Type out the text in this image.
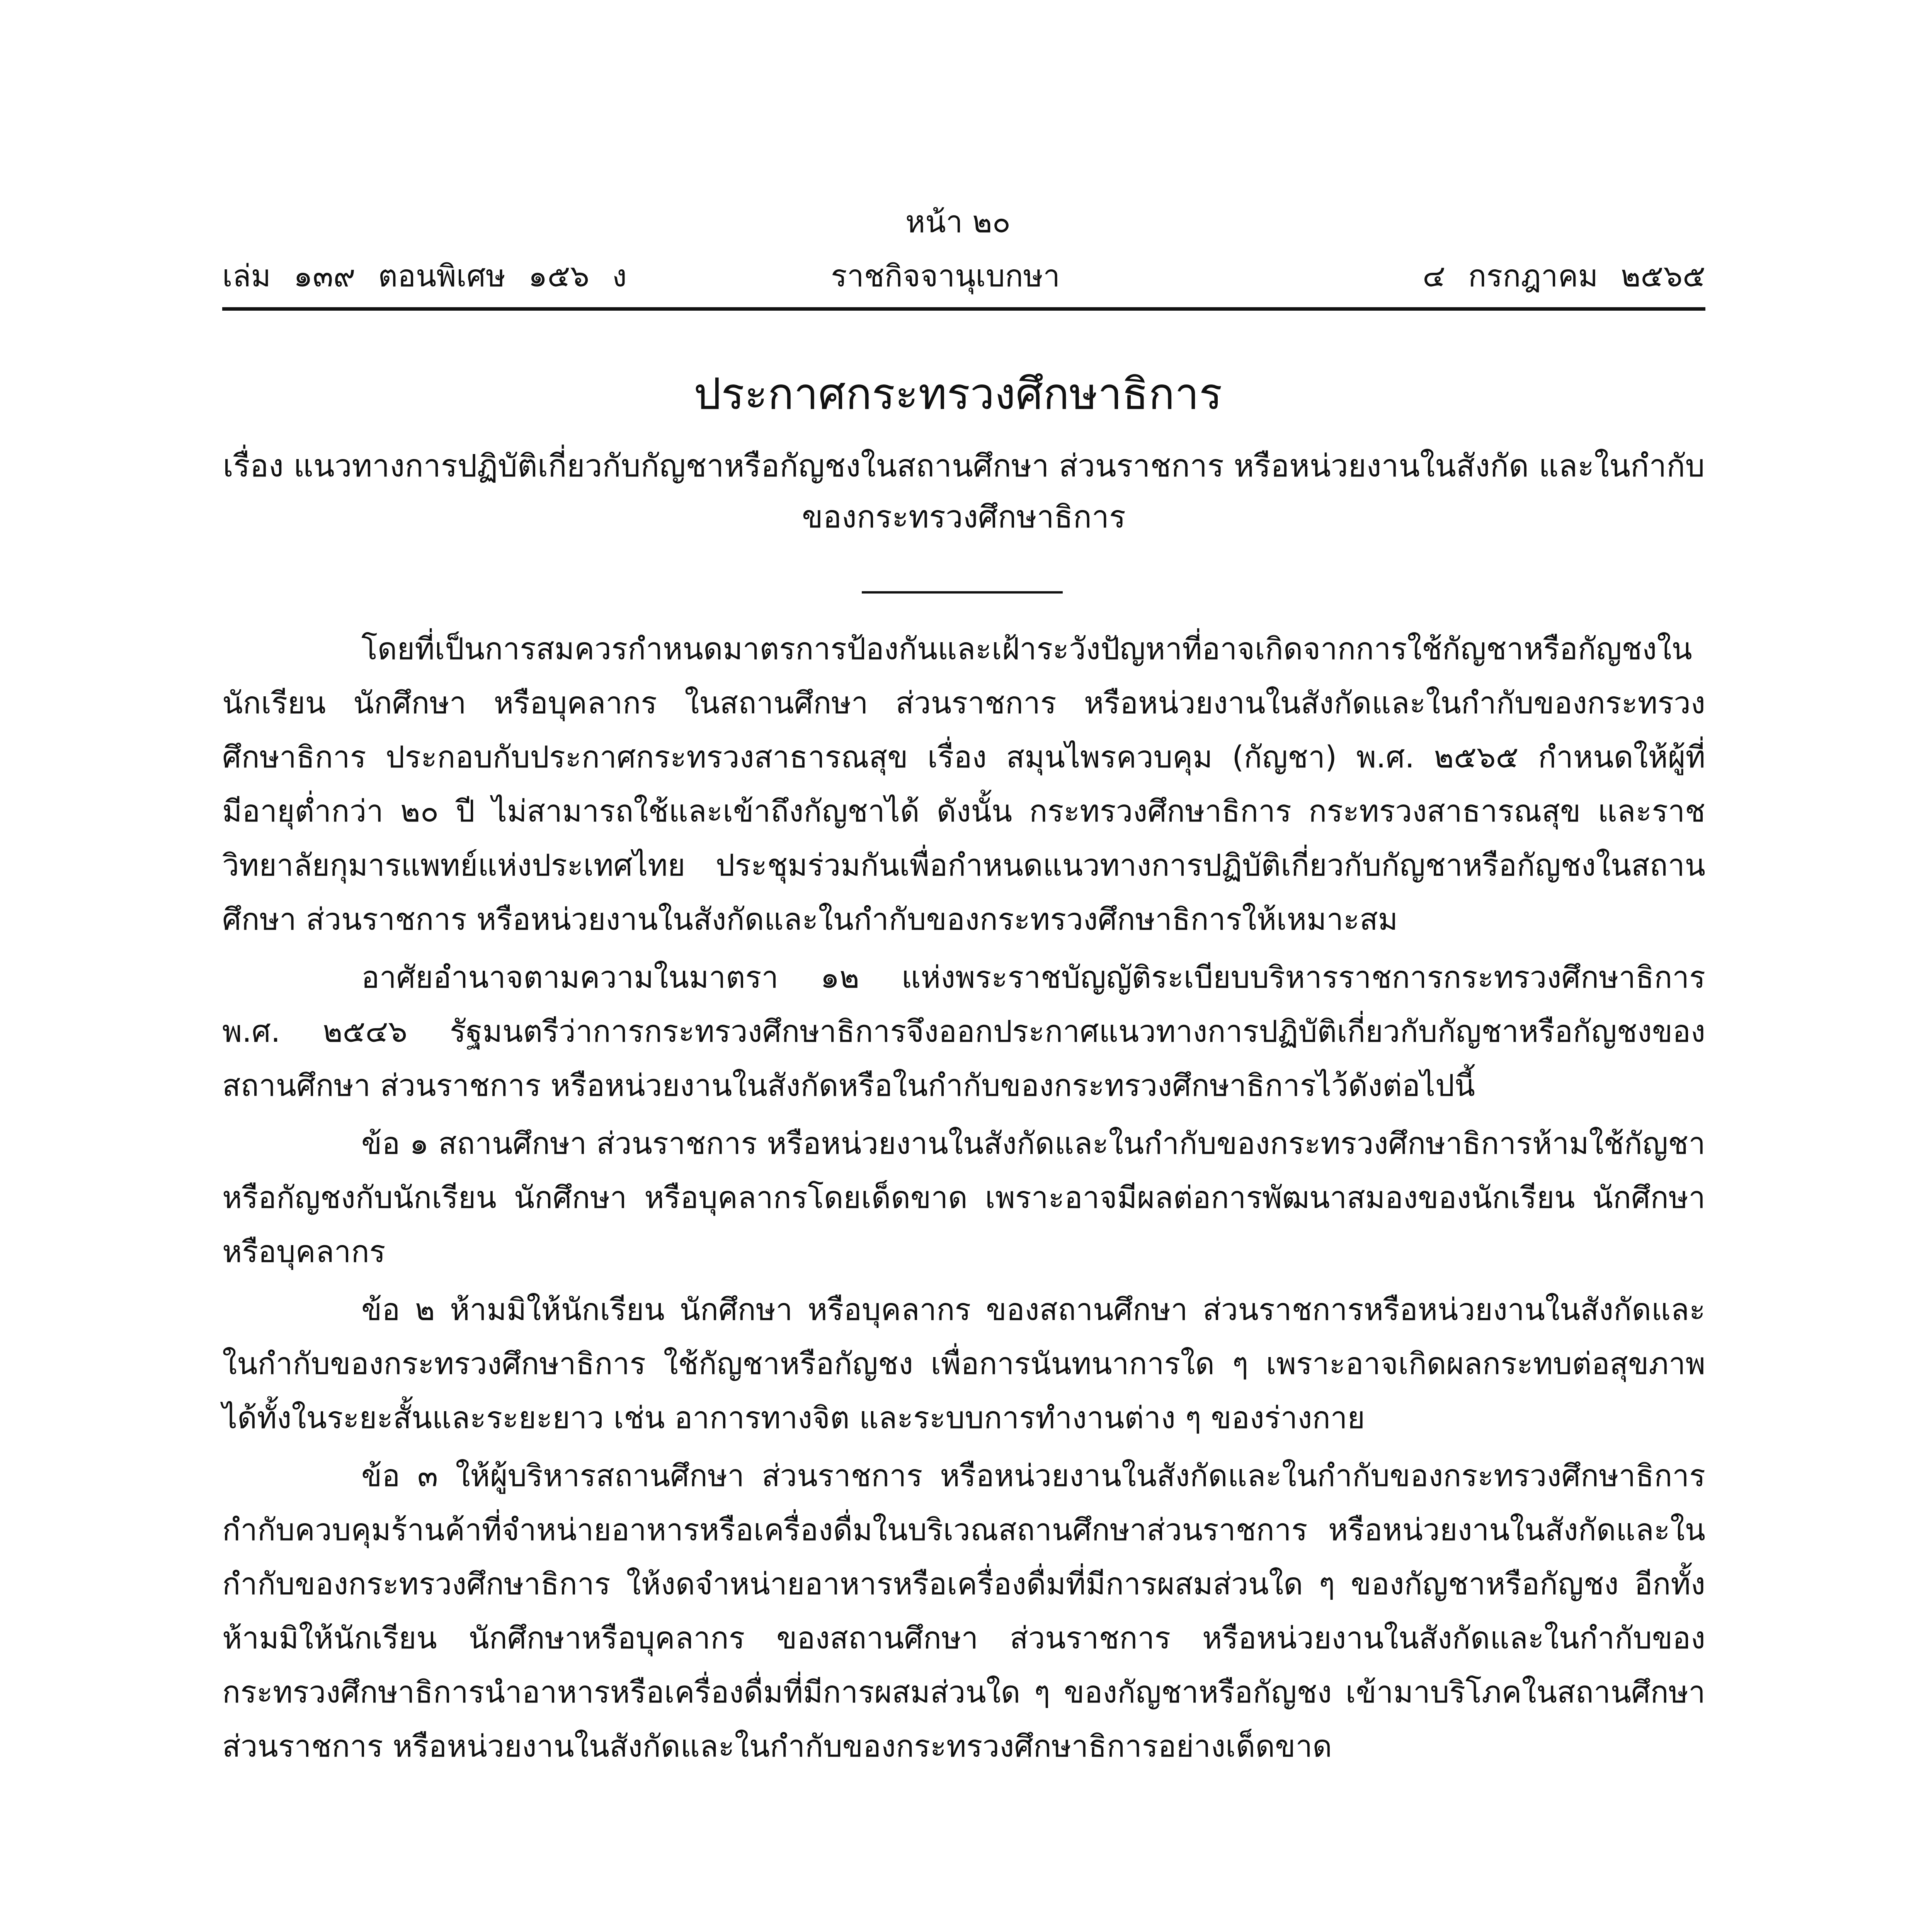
หน้า ๒๐
เล่ม ๑๓๙ ตอนพิเศษ ๑๕๖ ง	ราชกิจจานุเบกษา	๔ กรกฎาคม ๒๕๖๕
ประกาศกระทรวงศึกษาธิการ
เรื่อง แนวทางการปฏิบัติเกี่ยวกับกัญชาหรือกัญชงในสถานศึกษา ส่วนราชการ หรือหน่วยงานในสังกัด และในกำกับของกระทรวงศึกษาธิการ

โดยที่เป็นการสมควรกำหนดมาตรการป้องกันและเฝ้าระวังปัญหาที่อาจเกิดจากการใช้กัญชาหรือกัญชงในนักเรียน นักศึกษา หรือบุคลากร ในสถานศึกษา ส่วนราชการ หรือหน่วยงานในสังกัดและในกำกับของกระทรวงศึกษาธิการ ประกอบกับประกาศกระทรวงสาธารณสุข เรื่อง สมุนไพรควบคุม (กัญชา) พ.ศ. ๒๕๖๕ กำหนดให้ผู้ที่มีอายุต่ำกว่า ๒๐ ปี ไม่สามารถใช้และเข้าถึงกัญชาได้ ดังนั้น กระทรวงศึกษาธิการ กระทรวงสาธารณสุข และราชวิทยาลัยกุมารแพทย์แห่งประเทศไทย ประชุมร่วมกันเพื่อกำหนดแนวทางการปฏิบัติเกี่ยวกับกัญชาหรือกัญชงในสถานศึกษา ส่วนราชการ หรือหน่วยงานในสังกัดและในกำกับของกระทรวงศึกษาธิการให้เหมาะสม

อาศัยอำนาจตามความในมาตรา ๑๒ แห่งพระราชบัญญัติระเบียบบริหารราชการกระทรวงศึกษาธิการ พ.ศ. ๒๕๔๖ รัฐมนตรีว่าการกระทรวงศึกษาธิการจึงออกประกาศแนวทางการปฏิบัติเกี่ยวกับกัญชาหรือกัญชงของสถานศึกษา ส่วนราชการ หรือหน่วยงานในสังกัดหรือในกำกับของกระทรวงศึกษาธิการไว้ดังต่อไปนี้

ข้อ ๑ สถานศึกษา ส่วนราชการ หรือหน่วยงานในสังกัดและในกำกับของกระทรวงศึกษาธิการห้ามใช้กัญชาหรือกัญชงกับนักเรียน นักศึกษา หรือบุคลากรโดยเด็ดขาด เพราะอาจมีผลต่อการพัฒนาสมองของนักเรียน นักศึกษา หรือบุคลากร

ข้อ ๒ ห้ามมิให้นักเรียน นักศึกษา หรือบุคลากร ของสถานศึกษา ส่วนราชการหรือหน่วยงานในสังกัดและในกำกับของกระทรวงศึกษาธิการ ใช้กัญชาหรือกัญชง เพื่อการนันทนาการใด ๆ เพราะอาจเกิดผลกระทบต่อสุขภาพได้ทั้งในระยะสั้นและระยะยาว เช่น อาการทางจิต และระบบการทำงานต่าง ๆ ของร่างกาย

ข้อ ๓ ให้ผู้บริหารสถานศึกษา ส่วนราชการ หรือหน่วยงานในสังกัดและในกำกับของกระทรวงศึกษาธิการกำกับควบคุมร้านค้าที่จำหน่ายอาหารหรือเครื่องดื่มในบริเวณสถานศึกษาส่วนราชการ หรือหน่วยงานในสังกัดและในกำกับของกระทรวงศึกษาธิการ ให้งดจำหน่ายอาหารหรือเครื่องดื่มที่มีการผสมส่วนใด ๆ ของกัญชาหรือกัญชง อีกทั้งห้ามมิให้นักเรียน นักศึกษาหรือบุคลากร ของสถานศึกษา ส่วนราชการ หรือหน่วยงานในสังกัดและในกำกับของกระทรวงศึกษาธิการนำอาหารหรือเครื่องดื่มที่มีการผสมส่วนใด ๆ ของกัญชาหรือกัญชง เข้ามาบริโภคในสถานศึกษาส่วนราชการ หรือหน่วยงานในสังกัดและในกำกับของกระทรวงศึกษาธิการอย่างเด็ดขาด
